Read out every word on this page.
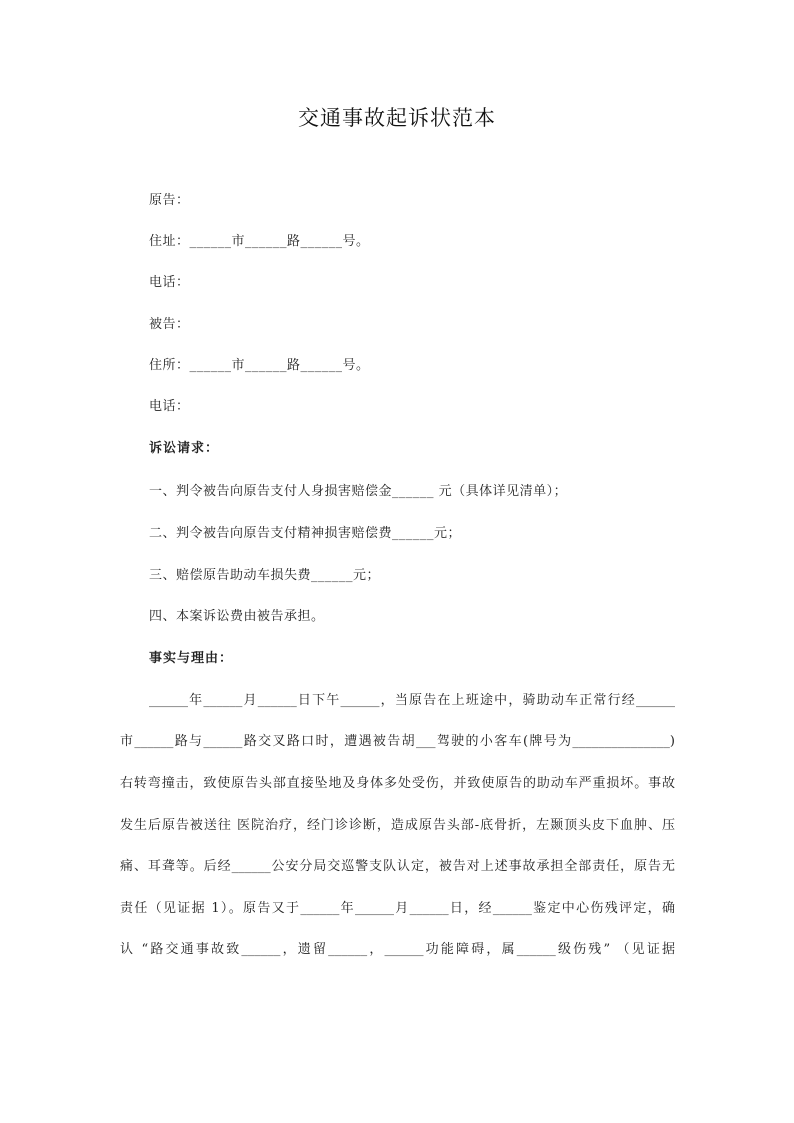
交通事故起诉状范本
原告：
住址：______市______路______号。
电话：
被告：
住所：______市______路______号。
电话：
诉讼请求：
一、判令被告向原告支付人身损害赔偿金______ 元（具体详见清单）；
二、判令被告向原告支付精神损害赔偿费______元；
三、赔偿原告助动车损失费______元；
四、本案诉讼费由被告承担。
事实与理由：
______年______月______日下午______，当原告在上班途中，骑助动车正常行经______
市______路与______路交叉路口时，遭遇被告胡___驾驶的小客车(牌号为_______________)
右转弯撞击，致使原告头部直接坠地及身体多处受伤，并致使原告的助动车严重损坏。事故
发生后原告被送往 医院治疗，经门诊诊断，造成原告头部-底骨折，左颞顶头皮下血肿、压
痛、耳聋等。后经______公安分局交巡警支队认定，被告对上述事故承担全部责任，原告无
责任（见证据 1）。原告又于______年______月______日，经______鉴定中心伤残评定，确
认 “路交通事故致______，遗留______，______功能障碍，属______级伤残” （见证据
